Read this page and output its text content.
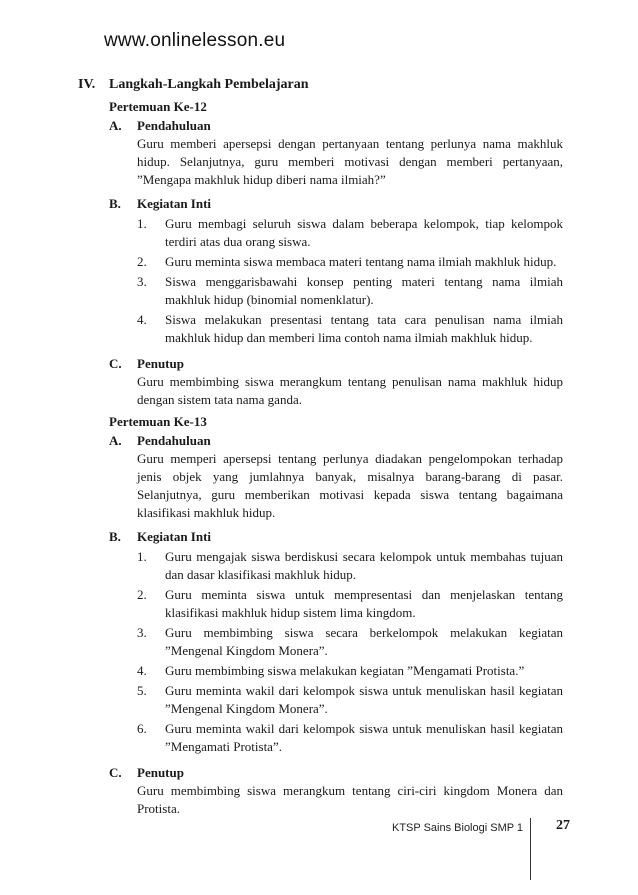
www.onlinelesson.eu
IV. Langkah-Langkah Pembelajaran
Pertemuan Ke-12
A.	Pendahuluan
Guru memberi apersepsi dengan pertanyaan tentang perlunya nama makhluk hidup. Selanjutnya, guru memberi motivasi dengan memberi pertanyaan, ”Mengapa makhluk hidup diberi nama ilmiah?”
B.	Kegiatan Inti
1.	Guru membagi seluruh siswa dalam beberapa kelompok, tiap kelompok terdiri atas dua orang siswa.
2.	Guru meminta siswa membaca materi tentang nama ilmiah makhluk hidup.
3.	Siswa menggarisbawahi konsep penting materi tentang nama ilmiah makhluk hidup (binomial nomenklatur).
4.	Siswa melakukan presentasi tentang tata cara penulisan nama ilmiah makhluk hidup dan memberi lima contoh nama ilmiah makhluk hidup.
C.	Penutup
Guru membimbing siswa merangkum tentang penulisan nama makhluk hidup dengan sistem tata nama ganda.
Pertemuan Ke-13
A.	Pendahuluan
Guru memperi apersepsi tentang perlunya diadakan pengelompokan terhadap jenis objek yang jumlahnya banyak, misalnya barang-barang di pasar. Selanjutnya, guru memberikan motivasi kepada siswa tentang bagaimana klasifikasi makhluk hidup.
B.	Kegiatan Inti
1.	Guru mengajak siswa berdiskusi secara kelompok untuk membahas tujuan dan dasar klasifikasi makhluk hidup.
2.	Guru meminta siswa untuk mempresentasi dan menjelaskan tentang klasifikasi makhluk hidup sistem lima kingdom.
3.	Guru membimbing siswa secara berkelompok melakukan kegiatan ”Mengenal Kingdom Monera”.
4.	Guru membimbing siswa melakukan kegiatan ”Mengamati Protista.”
5.	Guru meminta wakil dari kelompok siswa untuk menuliskan hasil kegiatan ”Mengenal Kingdom Monera”.
6.	Guru meminta wakil dari kelompok siswa untuk menuliskan hasil kegiatan ”Mengamati Protista”.
C.	Penutup
Guru membimbing siswa merangkum tentang ciri-ciri kingdom Monera dan Protista.
KTSP Sains Biologi SMP 1 27
